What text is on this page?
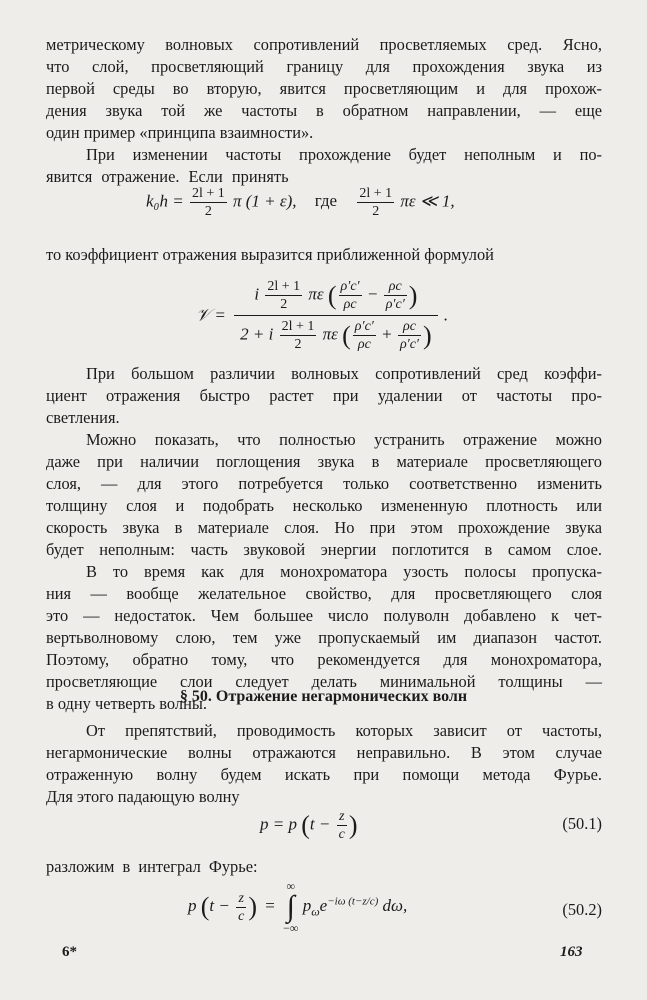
метрическому волновых сопротивлений просветляемых сред. Ясно,
что слой, просветляющий границу для прохождения звука из
первой среды во вторую, явится просветляющим и для прохож-
дения звука той же частоты в обратном направлении, — еще
один пример «принципа взаимности».
При изменении частоты прохождение будет неполным и по-
явится отражение. Если принять
$k_0h = \frac{2l + 1}{2}$ π (1 + ε), где $\frac{2l + 1}{2}$ πε ≪ 1,
то коэффициент отражения выразится приближенной формулой
𝒱 =
i $\frac{2l + 1}{2}$ πε ( $\frac{\rho'c'}{\rho c} - \frac{\rho c}{\rho'c'}$ )
2 + i $\frac{2l + 1}{2}$ πε ( $\frac{\rho'c'}{\rho c} + \frac{\rho c}{\rho'c'}$ )
.
При большом различии волновых сопротивлений сред коэффи-
циент отражения быстро растет при удалении от частоты про-
светления.
Можно показать, что полностью устранить отражение можно
даже при наличии поглощения звука в материале просветляющего
слоя, — для этого потребуется только соответственно изменить
толщину слоя и подобрать несколько измененную плотность или
скорость звука в материале слоя. Но при этом прохождение звука
будет неполным: часть звуковой энергии поглотится в самом слое.
В то время как для монохроматора узость полосы пропуска-
ния — вообще желательное свойство, для просветляющего слоя
это — недостаток. Чем большее число полуволн добавлено к чет-
вертьволновому слою, тем уже пропускаемый им диапазон частот.
Поэтому, обратно тому, что рекомендуется для монохроматора,
просветляющие слои следует делать минимальной толщины —
в одну четверть волны.
§ 50. Отражение негармонических волн
От препятствий, проводимость которых зависит от частоты,
негармонические волны отражаются неправильно. В этом случае
отраженную волну будем искать при помощи метода Фурье.
Для этого падающую волну
p = p ($t - \frac{z}{c}$ )	(50.1)
разложим в интеграл Фурье:
p ($t - \frac{z}{c}$ ) =
∞
∫
−∞
$p_\omega e^{-i\omega (t-z/c)}$ dω,	(50.2)
6*	163
